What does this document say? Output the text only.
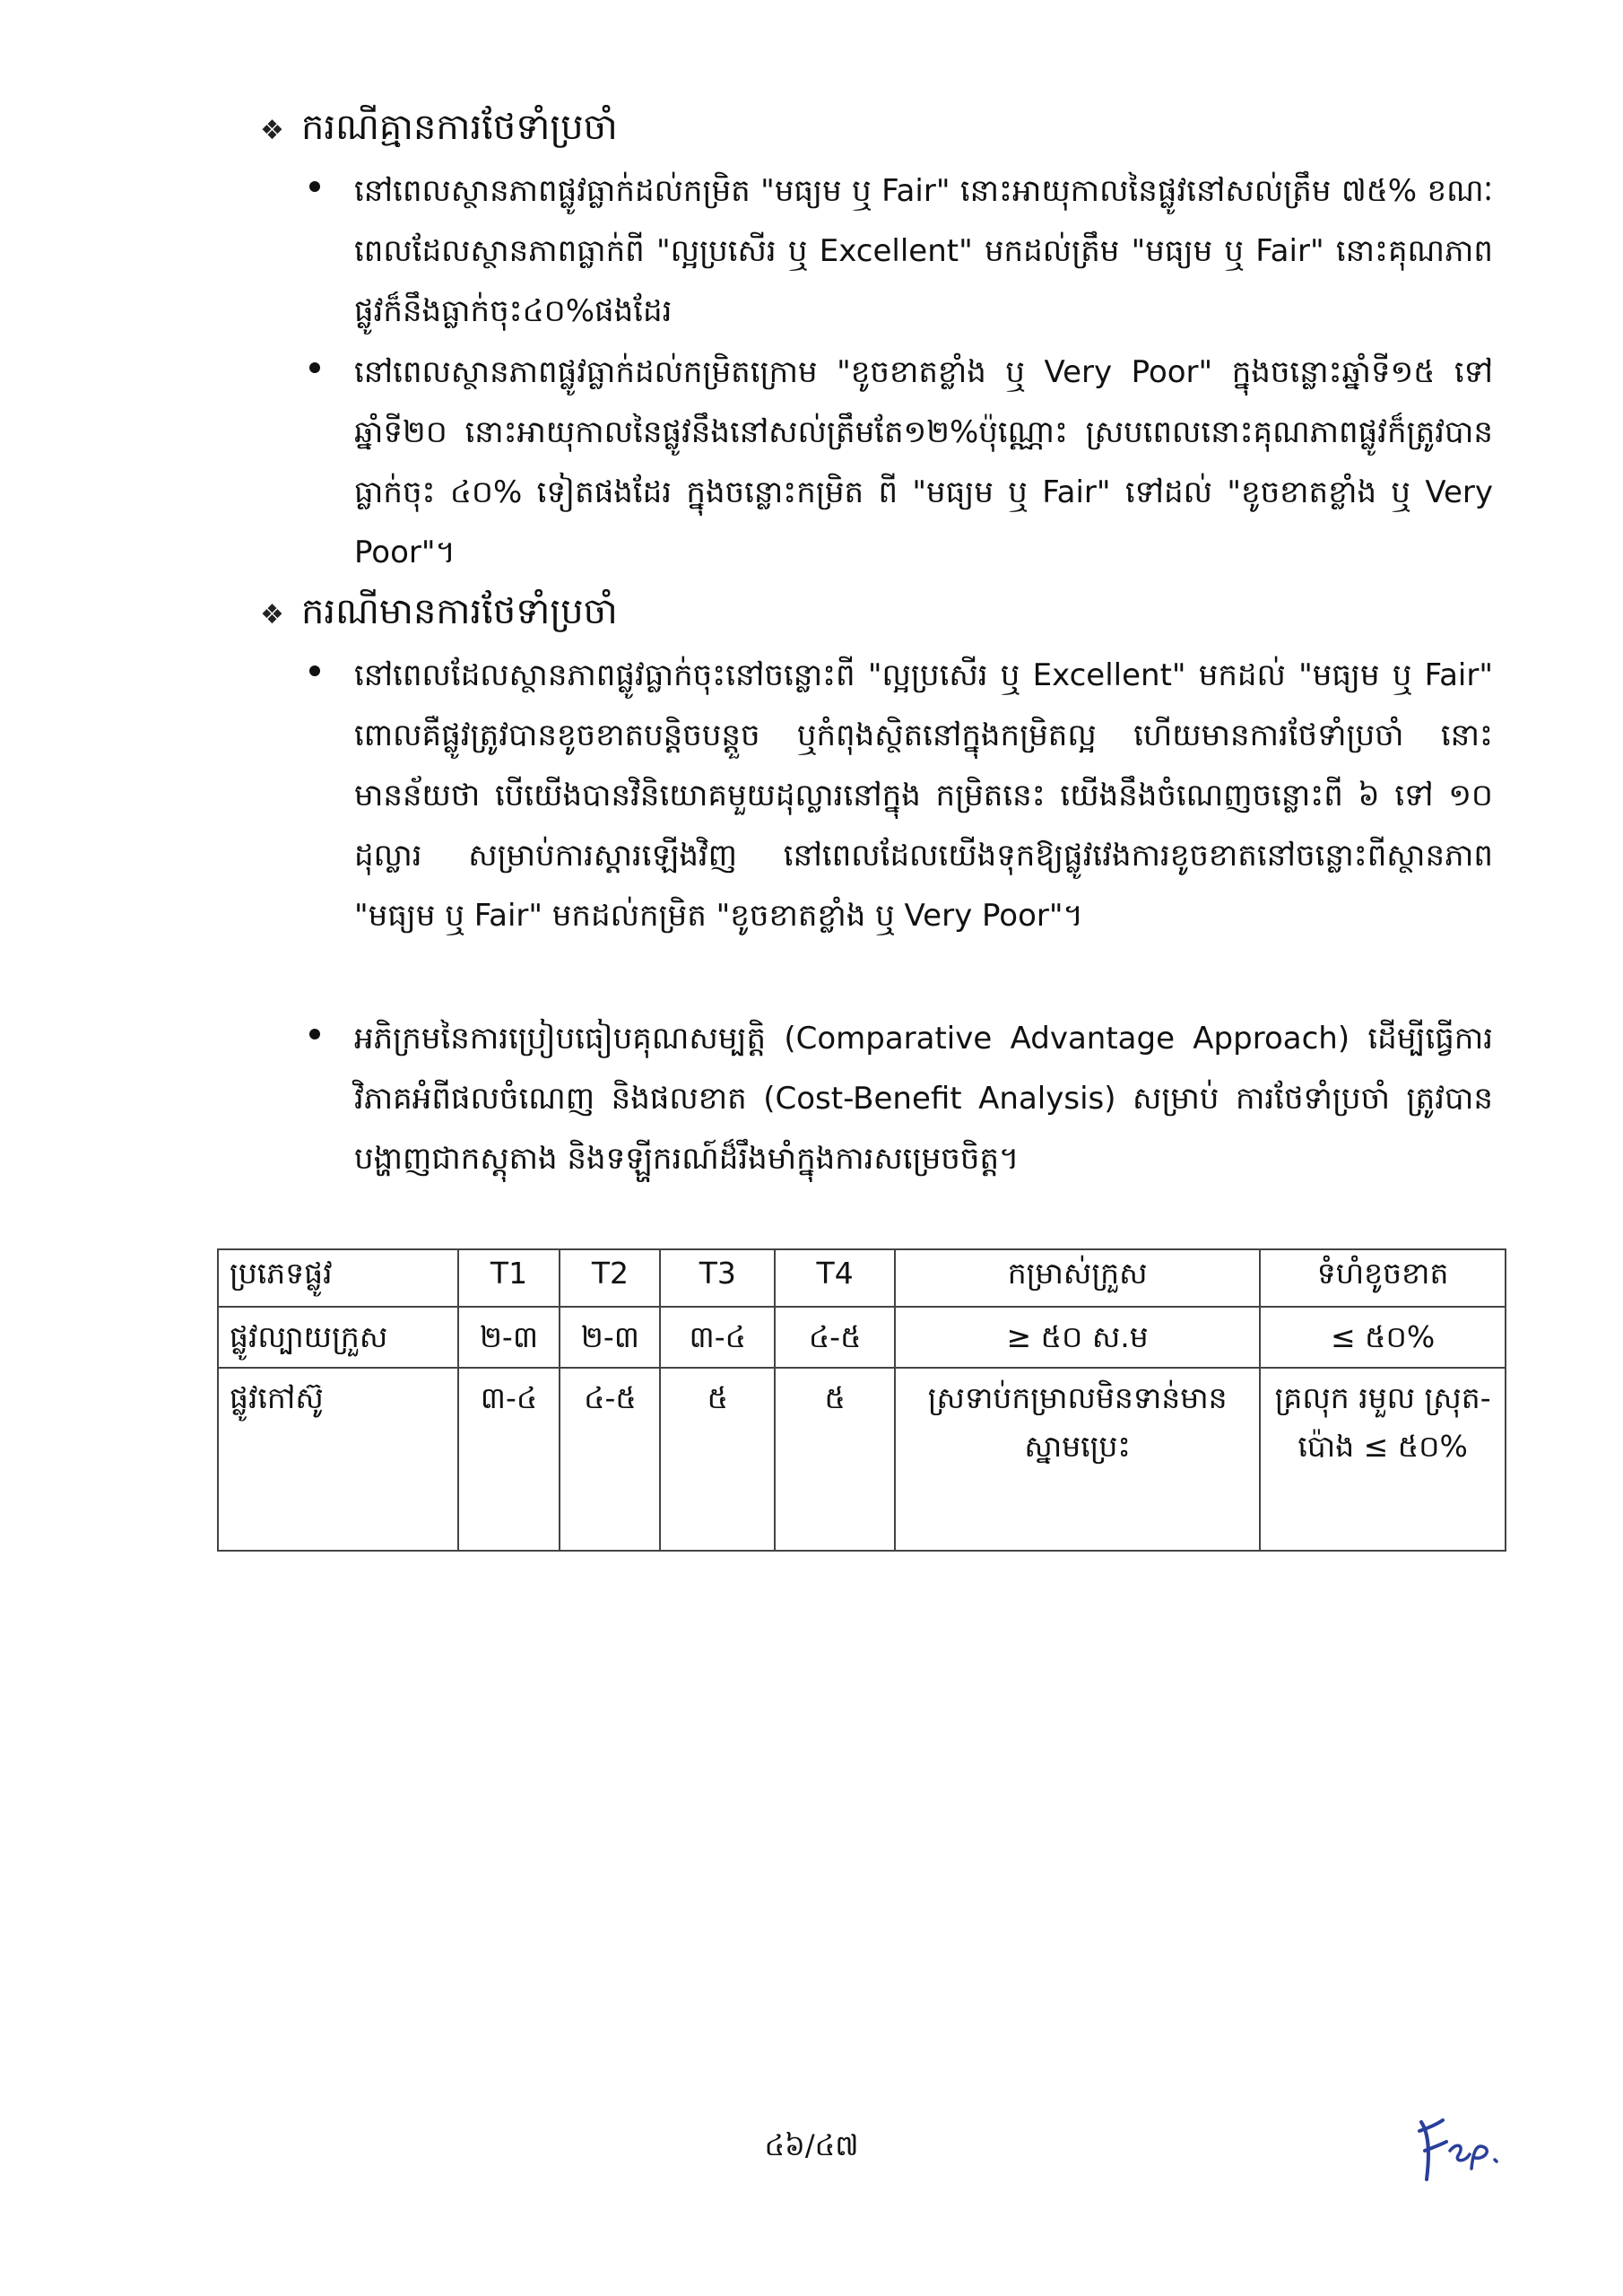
❖ ករណីគ្មានការថែទាំប្រចាំ
នៅពេលស្ថានភាពផ្លូវធ្លាក់ដល់កម្រិត "មធ្យម ឬ Fair" នោះអាយុកាលនៃផ្លូវនៅសល់ត្រឹម ៧៥% ខណៈពេលដែលស្ថានភាពធ្លាក់ពី "ល្អប្រសើរ ឬ Excellent" មកដល់ត្រឹម "មធ្យម ឬ Fair" នោះគុណភាពផ្លូវក៏នឹងធ្លាក់ចុះ៤០%ផងដែរ
នៅពេលស្ថានភាពផ្លូវធ្លាក់ដល់កម្រិតក្រោម "ខូចខាតខ្លាំង ឬ Very Poor" ក្នុងចន្លោះឆ្នាំទី១៥ ទៅឆ្នាំទី២០ នោះអាយុកាលនៃផ្លូវនឹងនៅសល់ត្រឹមតែ១២%ប៉ុណ្ណោះ ស្របពេលនោះគុណភាពផ្លូវក៏ត្រូវបានធ្លាក់ចុះ ៤០% ទៀតផងដែរ ក្នុងចន្លោះកម្រិត ពី "មធ្យម ឬ Fair" ទៅដល់ "ខូចខាតខ្លាំង ឬ Very Poor"។
❖ ករណីមានការថែទាំប្រចាំ
នៅពេលដែលស្ថានភាពផ្លូវធ្លាក់ចុះនៅចន្លោះពី "ល្អប្រសើរ ឬ Excellent" មកដល់ "មធ្យម ឬ Fair" ពោលគឺផ្លូវត្រូវបានខូចខាតបន្តិចបន្តួច ឬកំពុងស្ថិតនៅក្នុងកម្រិតល្អ ហើយមានការថែទាំប្រចាំ នោះមានន័យថា បើយើងបានវិនិយោគមួយដុល្លារនៅក្នុង កម្រិតនេះ យើងនឹងចំណេញចន្លោះពី ៦ ទៅ ១០ ដុល្លារ សម្រាប់ការស្តារឡើងវិញ នៅពេលដែលយើងទុកឱ្យផ្លូវវេងការខូចខាតនៅចន្លោះពីស្ថានភាព "មធ្យម ឬ Fair" មកដល់កម្រិត "ខូចខាតខ្លាំង ឬ Very Poor"។
អភិក្រមនៃការប្រៀបធៀបគុណសម្បត្តិ (Comparative Advantage Approach) ដើម្បីធ្វើការវិភាគអំពីផលចំណេញ និងផលខាត (Cost-Benefit Analysis) សម្រាប់ ការថែទាំប្រចាំ ត្រូវបានបង្ហាញជាកស្តុតាង និងទឡ្ហីករណ៍ដ៏រឹងមាំក្នុងការសម្រេចចិត្ត។
ប្រភេទផ្លូវ	T1	T2	T3	T4	កម្រាស់ក្រួស	ទំហំខូចខាត
ផ្លូវល្បាយក្រួស	២-៣	២-៣	៣-៤	៤-៥	≥ ៥០ ស.ម	≤ ៥០%
ផ្លូវកៅស៊ូ	៣-៤	៤-៥	៥	៥	ស្រទាប់កម្រាលមិនទាន់មានស្នាមប្រេះ	គ្រលុក រមួល ស្រុត-ប៉ោង ≤ ៥០%
៤៦/៤៧
